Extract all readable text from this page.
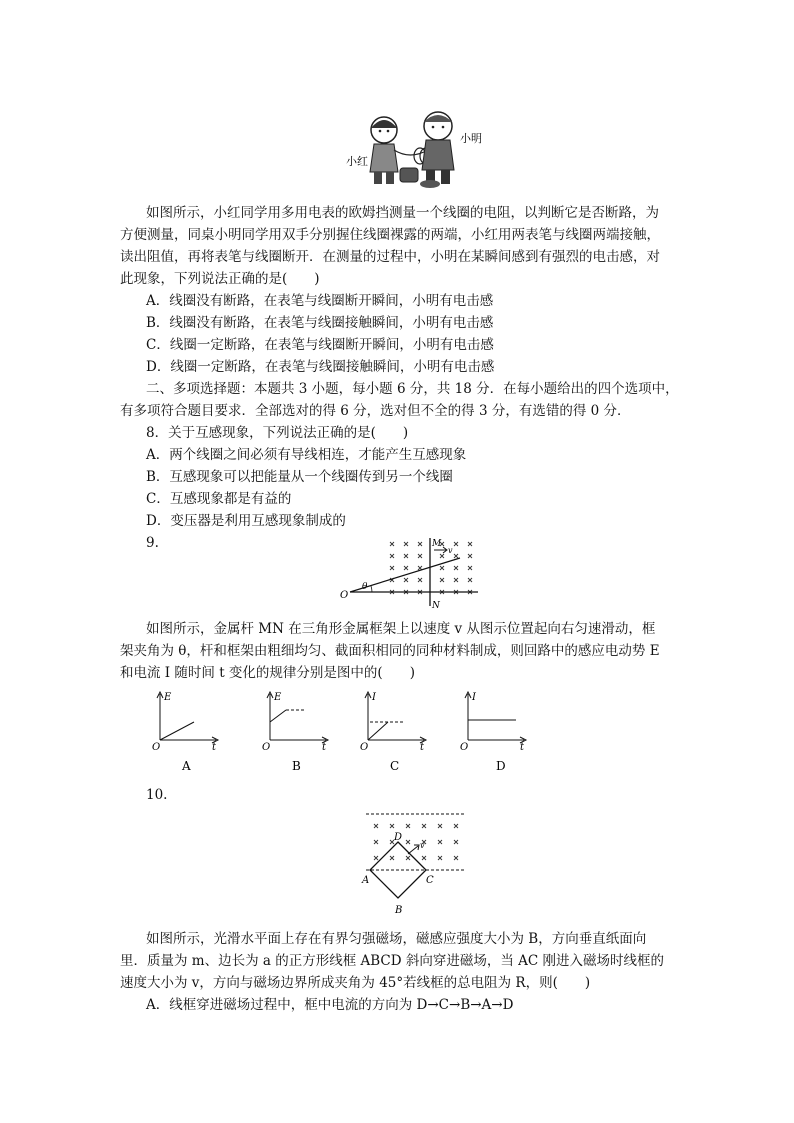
小红
小明
如图所示，小红同学用多用电表的欧姆挡测量一个线圈的电阻，以判断它是否断路，为
方便测量，同桌小明同学用双手分别握住线圈裸露的两端，小红用两表笔与线圈两端接触，
读出阻值，再将表笔与线圈断开．在测量的过程中，小明在某瞬间感到有强烈的电击感，对
此现象，下列说法正确的是(　　)
A．线圈没有断路，在表笔与线圈断开瞬间，小明有电击感
B．线圈没有断路，在表笔与线圈接触瞬间，小明有电击感
C．线圈一定断路，在表笔与线圈断开瞬间，小明有电击感
D．线圈一定断路，在表笔与线圈接触瞬间，小明有电击感
二、多项选择题：本题共 3 小题，每小题 6 分，共 18 分．在每小题给出的四个选项中，
有多项符合题目要求．全部选对的得 6 分，选对但不全的得 3 分，有选错的得 0 分．
8．关于互感现象，下列说法正确的是(　　)
A．两个线圈之间必须有导线相连，才能产生互感现象
B．互感现象可以把能量从一个线圈传到另一个线圈
C．互感现象都是有益的
D．变压器是利用互感现象制成的
9.
O
θ
M
N
v
如图所示，金属杆 MN 在三角形金属框架上以速度 v 从图示位置起向右匀速滑动，框
架夹角为 θ，杆和框架由粗细均匀、截面积相同的同种材料制成，则回路中的感应电动势 E
和电流 I 随时间 t 变化的规律分别是图中的(　　)
E
O	t
A
E
O	t
B
I
O	t
C
I
O	t
D
10.
D
A	C
B
v
如图所示，光滑水平面上存在有界匀强磁场，磁感应强度大小为 B，方向垂直纸面向
里．质量为 m、边长为 a 的正方形线框 ABCD 斜向穿进磁场，当 AC 刚进入磁场时线框的
速度大小为 v，方向与磁场边界所成夹角为 45°若线框的总电阻为 R，则(　　)
A．线框穿进磁场过程中，框中电流的方向为 D→C→B→A→D
